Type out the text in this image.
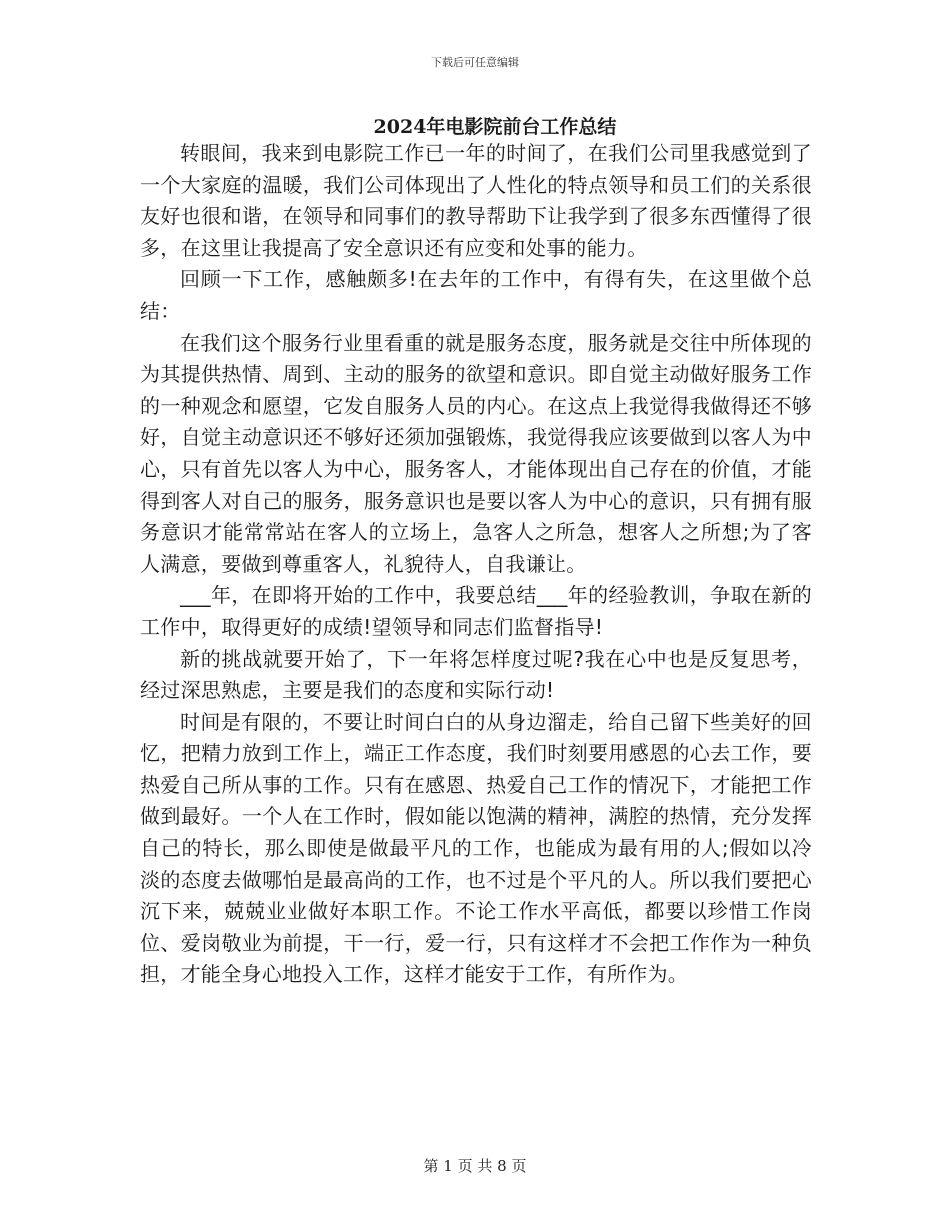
下载后可任意编辑
2024年电影院前台工作总结

转眼间，我来到电影院工作已一年的时间了，在我们公司里我感觉到了一个大家庭的温暖，我们公司体现出了人性化的特点领导和员工们的关系很友好也很和谐，在领导和同事们的教导帮助下让我学到了很多东西懂得了很多，在这里让我提高了安全意识还有应变和处事的能力。

回顾一下工作，感触颇多!在去年的工作中，有得有失，在这里做个总结：

在我们这个服务行业里看重的就是服务态度，服务就是交往中所体现的为其提供热情、周到、主动的服务的欲望和意识。即自觉主动做好服务工作的一种观念和愿望，它发自服务人员的内心。在这点上我觉得我做得还不够好，自觉主动意识还不够好还须加强锻炼，我觉得我应该要做到以客人为中心，只有首先以客人为中心，服务客人，才能体现出自己存在的价值，才能得到客人对自己的服务，服务意识也是要以客人为中心的意识，只有拥有服务意识才能常常站在客人的立场上，急客人之所急，想客人之所想;为了客人满意，要做到尊重客人，礼貌待人，自我谦让。

___年，在即将开始的工作中，我要总结___年的经验教训，争取在新的工作中，取得更好的成绩!望领导和同志们监督指导!

新的挑战就要开始了，下一年将怎样度过呢?我在心中也是反复思考，经过深思熟虑，主要是我们的态度和实际行动!

时间是有限的，不要让时间白白的从身边溜走，给自己留下些美好的回忆，把精力放到工作上，端正工作态度，我们时刻要用感恩的心去工作，要热爱自己所从事的工作。只有在感恩、热爱自己工作的情况下，才能把工作做到最好。一个人在工作时，假如能以饱满的精神，满腔的热情，充分发挥自己的特长，那么即使是做最平凡的工作，也能成为最有用的人;假如以冷淡的态度去做哪怕是最高尚的工作，也不过是个平凡的人。所以我们要把心沉下来，兢兢业业做好本职工作。不论工作水平高低，都要以珍惜工作岗位、爱岗敬业为前提，干一行，爱一行，只有这样才不会把工作作为一种负担，才能全身心地投入工作，这样才能安于工作，有所作为。

第 1 页 共 8 页
